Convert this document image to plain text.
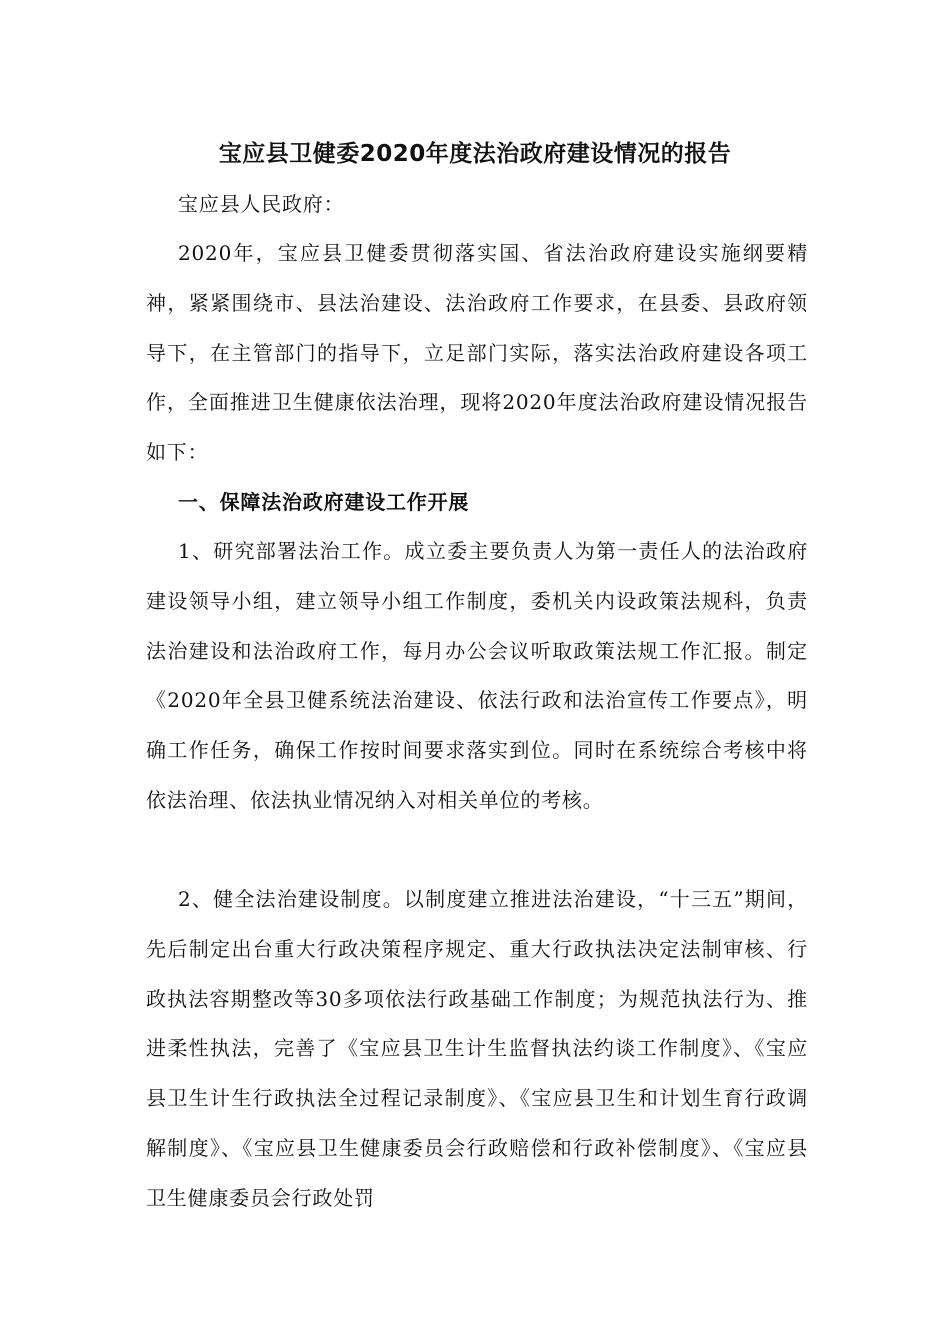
宝应县卫健委2020年度法治政府建设情况的报告
宝应县人民政府：
2020年，宝应县卫健委贯彻落实国、省法治政府建设实施纲要精神，紧紧围绕市、县法治建设、法治政府工作要求，在县委、县政府领导下，在主管部门的指导下，立足部门实际，落实法治政府建设各项工作，全面推进卫生健康依法治理，现将2020年度法治政府建设情况报告如下：
一、保障法治政府建设工作开展
1、研究部署法治工作。成立委主要负责人为第一责任人的法治政府建设领导小组，建立领导小组工作制度，委机关内设政策法规科，负责法治建设和法治政府工作，每月办公会议听取政策法规工作汇报。制定《2020年全县卫健系统法治建设、依法行政和法治宣传工作要点》，明确工作任务，确保工作按时间要求落实到位。同时在系统综合考核中将依法治理、依法执业情况纳入对相关单位的考核。
2、健全法治建设制度。以制度建立推进法治建设，“十三五”期间，先后制定出台重大行政决策程序规定、重大行政执法决定法制审核、行政执法容期整改等30多项依法行政基础工作制度；为规范执法行为、推进柔性执法，完善了《宝应县卫生计生监督执法约谈工作制度》、《宝应县卫生计生行政执法全过程记录制度》、《宝应县卫生和计划生育行政调解制度》、《宝应县卫生健康委员会行政赔偿和行政补偿制度》、《宝应县卫生健康委员会行政处罚
